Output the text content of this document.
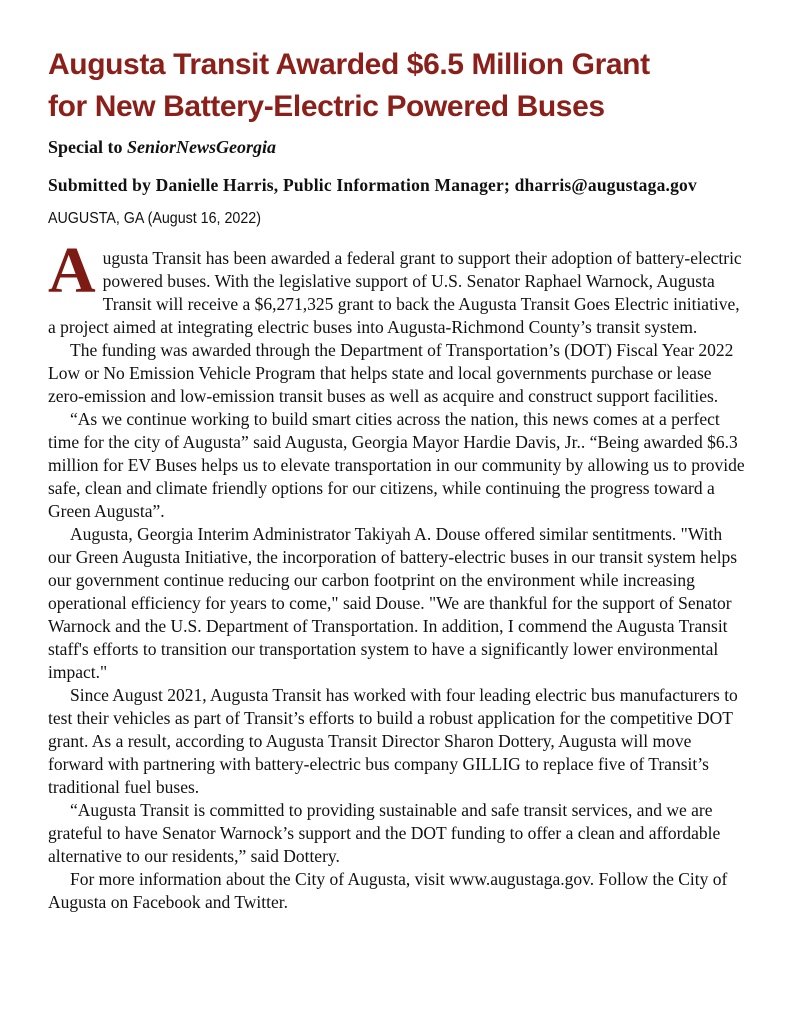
Augusta Transit Awarded $6.5 Million Grant
for New Battery-Electric Powered Buses

Special to SeniorNewsGeorgia

Submitted by Danielle Harris, Public Information Manager; dharris@augustaga.gov

AUGUSTA, GA (August 16, 2022)

Augusta Transit has been awarded a federal grant to support their adoption of battery-electric powered buses. With the legislative support of U.S. Senator Raphael Warnock, Augusta Transit will receive a $6,271,325 grant to back the Augusta Transit Goes Electric initiative, a project aimed at integrating electric buses into Augusta-Richmond County’s transit system.

The funding was awarded through the Department of Transportation’s (DOT) Fiscal Year 2022 Low or No Emission Vehicle Program that helps state and local governments purchase or lease zero-emission and low-emission transit buses as well as acquire and construct support facilities.

“As we continue working to build smart cities across the nation, this news comes at a perfect time for the city of Augusta” said Augusta, Georgia Mayor Hardie Davis, Jr.. “Being awarded $6.3 million for EV Buses helps us to elevate transportation in our community by allowing us to provide safe, clean and climate friendly options for our citizens, while continuing the progress toward a Green Augusta”.

Augusta, Georgia Interim Administrator Takiyah A. Douse offered similar sentitments. "With our Green Augusta Initiative, the incorporation of battery-electric buses in our transit system helps our government continue reducing our carbon footprint on the environment while increasing operational efficiency for years to come," said Douse. "We are thankful for the support of Senator Warnock and the U.S. Department of Transportation. In addition, I commend the Augusta Transit staff's efforts to transition our transportation system to have a significantly lower environmental impact."

Since August 2021, Augusta Transit has worked with four leading electric bus manufacturers to test their vehicles as part of Transit’s efforts to build a robust application for the competitive DOT grant. As a result, according to Augusta Transit Director Sharon Dottery, Augusta will move forward with partnering with battery-electric bus company GILLIG to replace five of Transit’s traditional fuel buses.

“Augusta Transit is committed to providing sustainable and safe transit services, and we are grateful to have Senator Warnock’s support and the DOT funding to offer a clean and affordable alternative to our residents,” said Dottery.

For more information about the City of Augusta, visit www.augustaga.gov. Follow the City of Augusta on Facebook and Twitter.
